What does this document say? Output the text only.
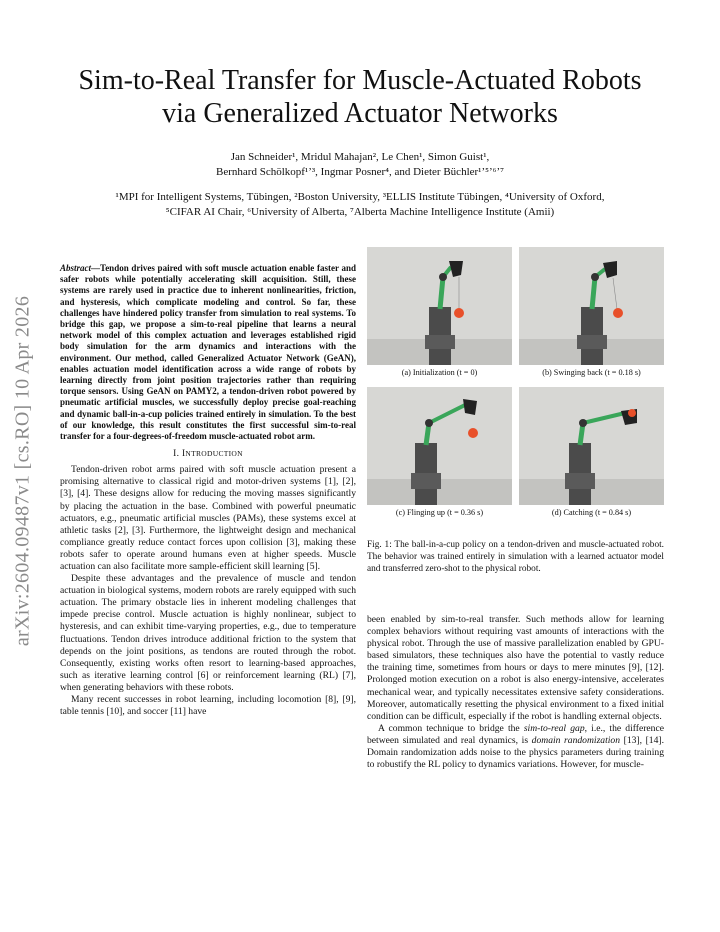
arXiv:2604.09487v1 [cs.RO] 10 Apr 2026
Sim-to-Real Transfer for Muscle-Actuated Robots
via Generalized Actuator Networks
Jan Schneider¹, Mridul Mahajan², Le Chen¹, Simon Guist¹,
Bernhard Schölkopf¹ʼ³, Ingmar Posner⁴, and Dieter Büchler¹ʼ⁵ʼ⁶ʼ⁷
¹MPI for Intelligent Systems, Tübingen, ²Boston University, ³ELLIS Institute Tübingen, ⁴University of Oxford,
⁵CIFAR AI Chair, ⁶University of Alberta, ⁷Alberta Machine Intelligence Institute (Amii)
Abstract—Tendon drives paired with soft muscle actuation enable faster and safer robots while potentially accelerating skill acquisition. Still, these systems are rarely used in practice due to inherent nonlinearities, friction, and hysteresis, which complicate modeling and control. So far, these challenges have hindered policy transfer from simulation to real systems. To bridge this gap, we propose a sim-to-real pipeline that learns a neural network model of this complex actuation and leverages established rigid body simulation for the arm dynamics and interactions with the environment. Our method, called Generalized Actuator Network (GeAN), enables actuation model identification across a wide range of robots by learning directly from joint position trajectories rather than requiring torque sensors. Using GeAN on PAMY2, a tendon-driven robot powered by pneumatic artificial muscles, we successfully deploy precise goal-reaching and dynamic ball-in-a-cup policies trained entirely in simulation. To the best of our knowledge, this result constitutes the first successful sim-to-real transfer for a four-degrees-of-freedom muscle-actuated robot arm.
I. INTRODUCTION

Tendon-driven robot arms paired with soft muscle actuation present a promising alternative to classical rigid and motor-driven systems [1], [2], [3], [4]. These designs allow for reducing the moving masses significantly by placing the actuation in the base. Combined with powerful pneumatic actuators, e.g., pneumatic artificial muscles (PAMs), these systems excel at athletic tasks [2], [3]. Furthermore, the lightweight design and mechanical compliance greatly reduce contact forces upon collision [3], making these robots safer to operate around humans even at higher speeds. Muscle actuation can also facilitate more sample-efficient skill learning [5].

Despite these advantages and the prevalence of muscle and tendon actuation in biological systems, modern robots are rarely equipped with such actuation. The primary obstacle lies in inherent modeling challenges that impede precise control. Muscle actuation is highly nonlinear, subject to hysteresis, and can exhibit time-varying properties, e.g., due to temperature fluctuations. Tendon drives introduce additional friction to the system that depends on the joint positions, as tendons are routed through the robot. Consequently, existing works often resort to learning-based approaches, such as iterative learning control [6] or reinforcement learning (RL) [7], when generating behaviors with these robots.

Many recent successes in robot learning, including locomotion [8], [9], table tennis [10], and soccer [11] have

(a) Initialization (t = 0)	(b) Swinging back (t = 0.18 s)
(c) Flinging up (t = 0.36 s)	(d) Catching (t = 0.84 s)
Fig. 1: The ball-in-a-cup policy on a tendon-driven and muscle-actuated robot. The behavior was trained entirely in simulation with a learned actuator model and transferred zero-shot to the physical robot.

been enabled by sim-to-real transfer. Such methods allow for learning complex behaviors without requiring vast amounts of interactions with the physical robot. Through the use of massive parallelization enabled by GPU-based simulators, these techniques also have the potential to vastly reduce the training time, sometimes from hours or days to mere minutes [9], [12]. Prolonged motion execution on a robot is also energy-intensive, accelerates mechanical wear, and typically necessitates extensive safety considerations. Moreover, automatically resetting the physical environment to a fixed initial condition can be difficult, especially if the robot is handling external objects.

A common technique to bridge the sim-to-real gap, i.e., the difference between simulated and real dynamics, is domain randomization [13], [14]. Domain randomization adds noise to the physics parameters during training to robustify the RL policy to dynamics variations. However, for muscle-
